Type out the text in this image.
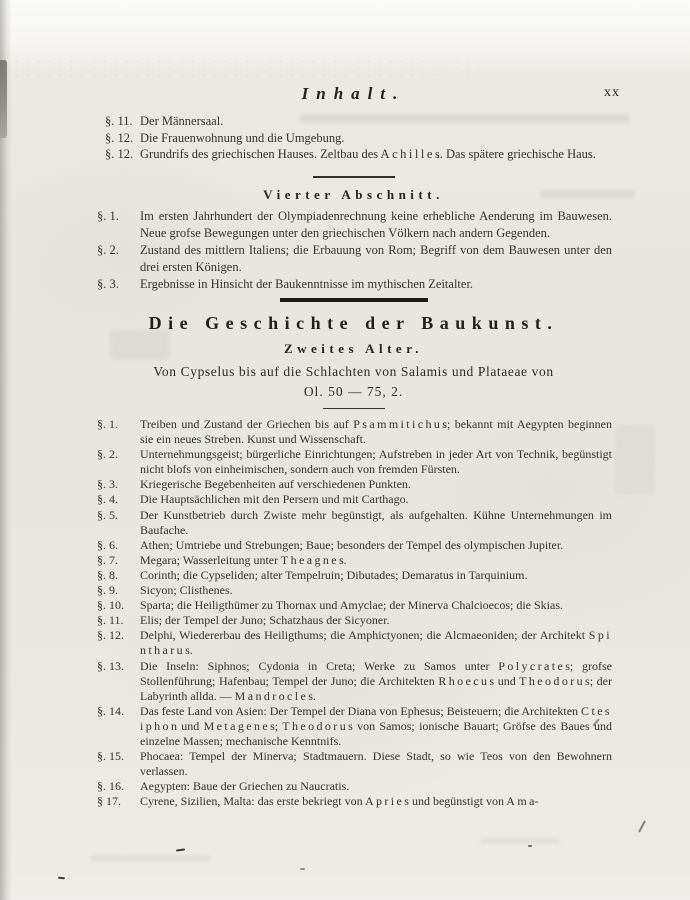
xx
Inhalt.
§. 11. Der Männersaal.
§. 12. Die Frauenwohnung und die Umgebung.
§. 12. Grundrifs des griechischen Hauses. Zeltbau des A c h i l l e s. Das spätere griechische Haus.
Vierter Abschnitt.
§. 1. Im ersten Jahrhundert der Olympiadenrechnung keine erhebliche Aenderung im Bauwesen. Neue grofse Bewegungen unter den griechischen Völkern nach andern Gegenden.
§. 2. Zustand des mittlern Italiens; die Erbauung von Rom; Begriff von dem Bauwesen unter den drei ersten Königen.
§. 3. Ergebnisse in Hinsicht der Baukenntnisse im mythischen Zeitalter.
Die Geschichte der Baukunst.
Zweites Alter.
Von Cypselus bis auf die Schlachten von Salamis und Plataeae von
Ol. 50 — 75, 2.
§. 1. Treiben und Zustand der Griechen bis auf P s a m m i t i c h u s; bekannt mit Aegypten beginnen sie ein neues Streben. Kunst und Wissenschaft.
§. 2. Unternehmungsgeist; bürgerliche Einrichtungen; Aufstreben in jeder Art von Technik, begünstigt nicht blofs von einheimischen, sondern auch von fremden Fürsten.
§. 3. Kriegerische Begebenheiten auf verschiedenen Punkten.
§. 4. Die Hauptsächlichen mit den Persern und mit Carthago.
§. 5. Der Kunstbetrieb durch Zwiste mehr begünstigt, als aufgehalten. Kühne Unternehmungen im Baufache.
§. 6. Athen; Umtriebe und Strebungen; Baue; besonders der Tempel des olympischen Jupiter.
§. 7. Megara; Wasserleitung unter T h e a g n e s.
§. 8. Corinth; die Cypseliden; alter Tempelruin; Dibutades; Demaratus in Tarquinium.
§. 9. Sicyon; Clisthenes.
§. 10. Sparta; die Heiligthümer zu Thornax und Amyclae; der Minerva Chalcioecos; die Skias.
§. 11. Elis; der Tempel der Juno; Schatzhaus der Sicyoner.
§. 12. Delphi, Wiedererbau des Heiligthums; die Amphictyonen; die Alcmaeoniden; der Architekt S p i n t h a r u s.
§. 13. Die Inseln: Siphnos; Cydonia in Creta; Werke zu Samos unter P o l y c r a t e s; grofse Stollenführung; Hafenbau; Tempel der Juno; die Architekten R h o e c u s und T h e o d o r u s; der Labyrinth allda. — M a n d r o c l e s.
§. 14. Das feste Land von Asien: Der Tempel der Diana von Ephesus; Beisteuern; die Architekten C t e s i p h o n und M e t a g e n e s; T h e o d o r u s von Samos; ionische Bauart; Gröfse des Baues und einzelne Massen; mechanische Kenntnifs.
§. 15. Phocaea: Tempel der Minerva; Stadtmauern. Diese Stadt, so wie Teos von den Bewohnern verlassen.
§. 16. Aegypten: Baue der Griechen zu Naucratis.
§ 17. Cyrene, Sizilien, Malta: das erste bekriegt von A p r i e s und begünstigt von A m a-
